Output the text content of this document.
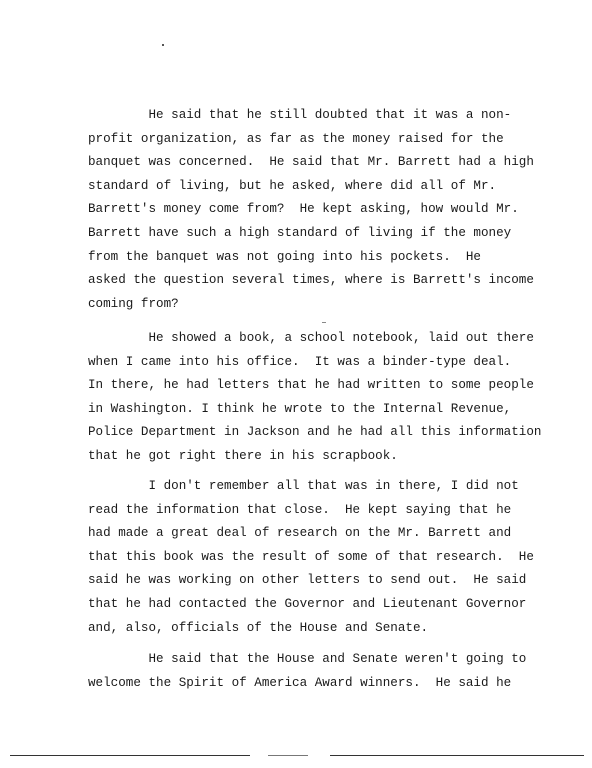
He said that he still doubted that it was a non-
profit organization, as far as the money raised for the
banquet was concerned.  He said that Mr. Barrett had a high
standard of living, but he asked, where did all of Mr.
Barrett's money come from?  He kept asking, how would Mr.
Barrett have such a high standard of living if the money
from the banquet was not going into his pockets.  He
asked the question several times, where is Barrett's income
coming from?
He showed a book, a school notebook, laid out there
when I came into his office.  It was a binder-type deal.
In there, he had letters that he had written to some people
in Washington. I think he wrote to the Internal Revenue,
Police Department in Jackson and he had all this information
that he got right there in his scrapbook.
I don't remember all that was in there, I did not
read the information that close.  He kept saying that he
had made a great deal of research on the Mr. Barrett and
that this book was the result of some of that research.  He
said he was working on other letters to send out.  He said
that he had contacted the Governor and Lieutenant Governor
and, also, officials of the House and Senate.
He said that the House and Senate weren't going to
welcome the Spirit of America Award winners.  He said he
